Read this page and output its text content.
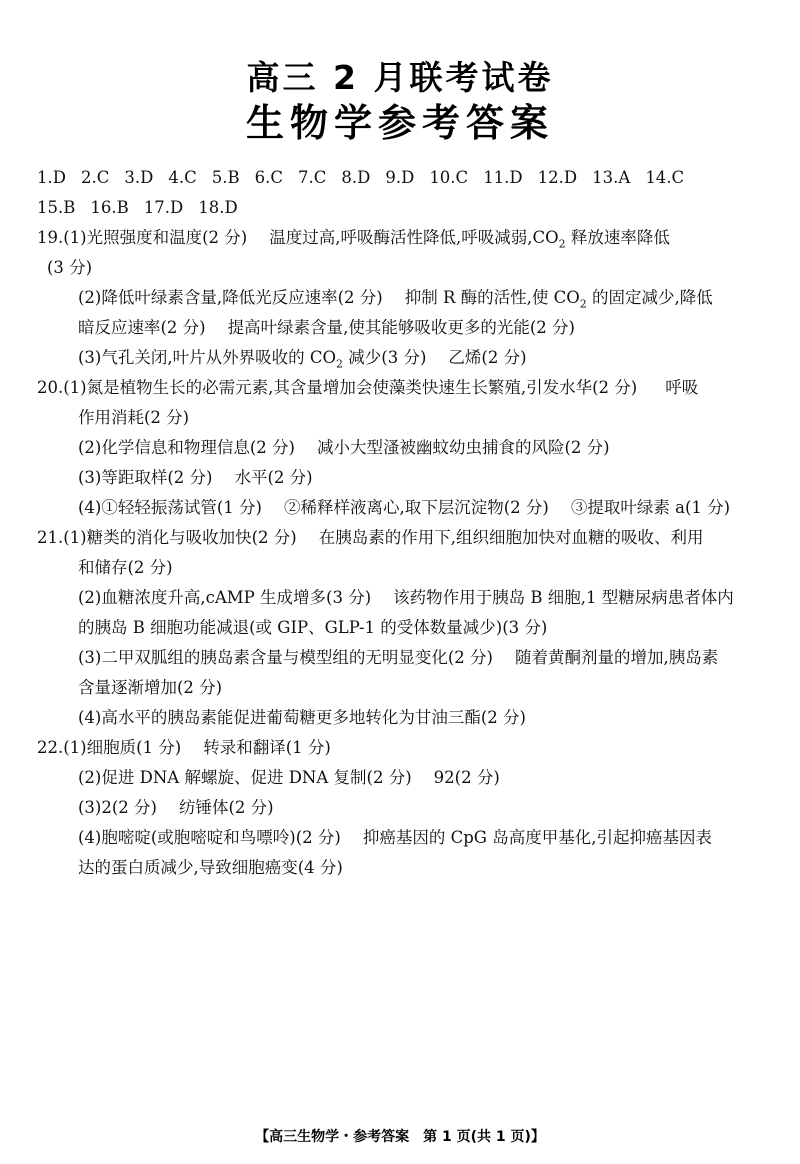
高三 2 月联考试卷
生物学参考答案
1.D 2.C 3.D 4.C 5.B 6.C 7.C 8.D 9.D 10.C 11.D 12.D 13.A 14.C
15.B 16.B 17.D 18.D
19.(1)光照强度和温度(2 分) 温度过高,呼吸酶活性降低,呼吸减弱$,CO_2$ 释放速率降低
(3 分)
(2)降低叶绿素含量,降低光反应速率(2 分) 抑制 R 酶的活性,使 $CO_2$ 的固定减少,降低
暗反应速率(2 分) 提高叶绿素含量,使其能够吸收更多的光能(2 分)
(3)气孔关闭,叶片从外界吸收的 $CO_2$ 减少(3 分) 乙烯(2 分)
20.(1)氮是植物生长的必需元素,其含量增加会使藻类快速生长繁殖,引发水华(2 分) 呼吸
作用消耗(2 分)
(2)化学信息和物理信息(2 分) 减小大型溞被幽蚊幼虫捕食的风险(2 分)
(3)等距取样(2 分) 水平(2 分)
(4)①轻轻振荡试管(1 分) ②稀释样液离心,取下层沉淀物(2 分) ③提取叶绿素 a(1 分)
21.(1)糖类的消化与吸收加快(2 分) 在胰岛素的作用下,组织细胞加快对血糖的吸收、利用
和储存(2 分)
(2)血糖浓度升高,cAMP 生成增多(3 分) 该药物作用于胰岛 B 细胞,1 型糖尿病患者体内
的胰岛 B 细胞功能减退(或 GIP、GLP-1 的受体数量减少)(3 分)
(3)二甲双胍组的胰岛素含量与模型组的无明显变化(2 分) 随着黄酮剂量的增加,胰岛素
含量逐渐增加(2 分)
(4)高水平的胰岛素能促进葡萄糖更多地转化为甘油三酯(2 分)
22.(1)细胞质(1 分) 转录和翻译(1 分)
(2)促进 DNA 解螺旋、促进 DNA 复制(2 分) 92(2 分)
(3)2(2 分) 纺锤体(2 分)
(4)胞嘧啶(或胞嘧啶和鸟嘌呤)(2 分) 抑癌基因的 CpG 岛高度甲基化,引起抑癌基因表
达的蛋白质减少,导致细胞癌变(4 分)
【高三生物学・参考答案　第 1 页(共 1 页)】
